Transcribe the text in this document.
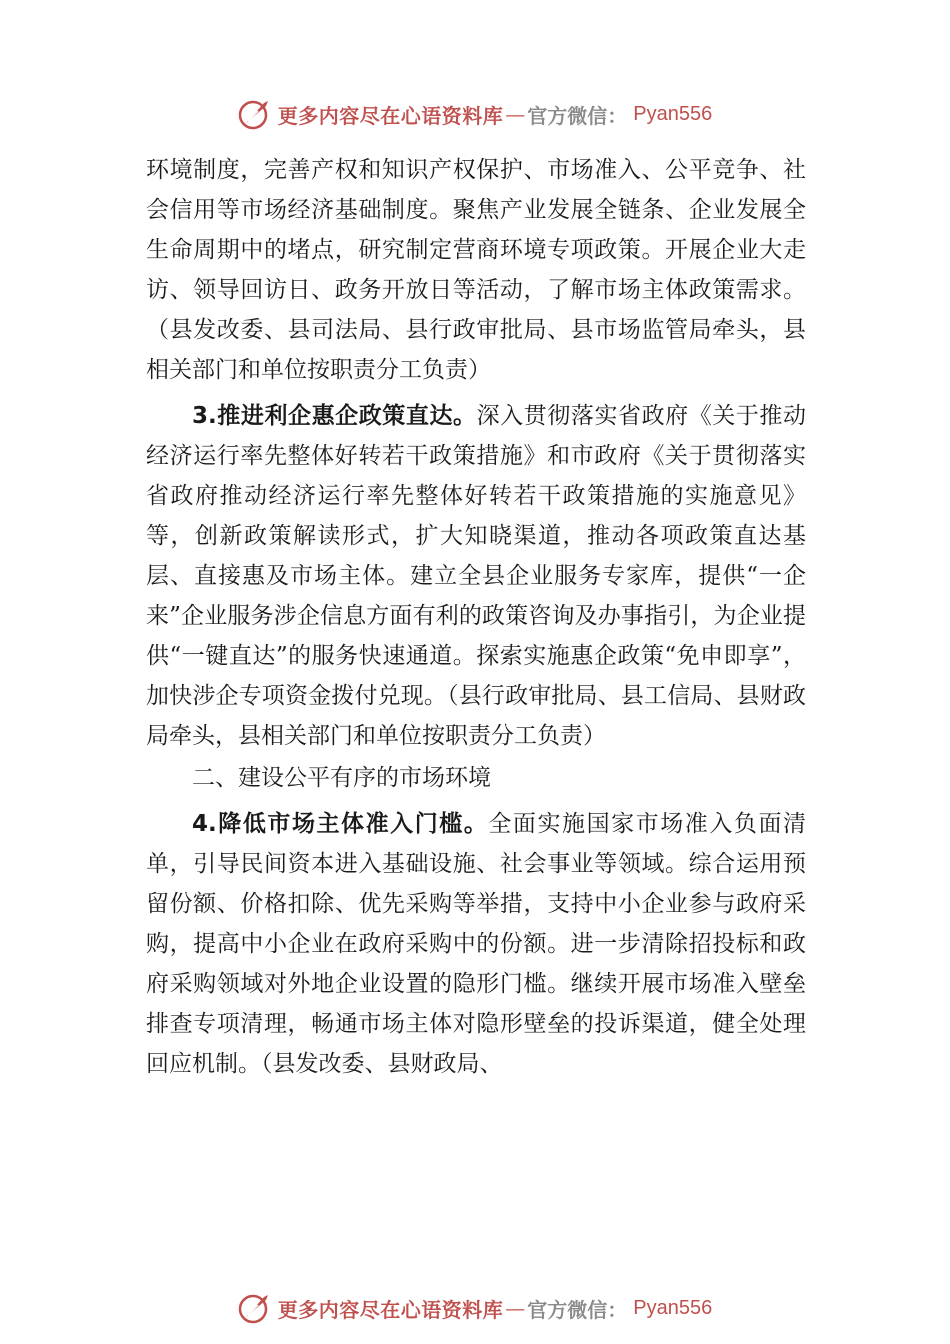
更多内容尽在心语资料库 — 官方微信： Pyan556

环境制度，完善产权和知识产权保护、市场准入、公平竞争、社会信用等市场经济基础制度。聚焦产业发展全链条、企业发展全生命周期中的堵点，研究制定营商环境专项政策。开展企业大走访、领导回访日、政务开放日等活动，了解市场主体政策需求。（县发改委、县司法局、县行政审批局、县市场监管局牵头，县相关部门和单位按职责分工负责）

3.推进利企惠企政策直达。深入贯彻落实省政府《关于推动经济运行率先整体好转若干政策措施》和市政府《关于贯彻落实省政府推动经济运行率先整体好转若干政策措施的实施意见》等，创新政策解读形式，扩大知晓渠道，推动各项政策直达基层、直接惠及市场主体。建立全县企业服务专家库，提供“一企来”企业服务涉企信息方面有利的政策咨询及办事指引，为企业提供“一键直达”的服务快速通道。探索实施惠企政策“免申即享”，加快涉企专项资金拨付兑现。（县行政审批局、县工信局、县财政局牵头，县相关部门和单位按职责分工负责）

二、建设公平有序的市场环境

4.降低市场主体准入门槛。全面实施国家市场准入负面清单，引导民间资本进入基础设施、社会事业等领域。综合运用预留份额、价格扣除、优先采购等举措，支持中小企业参与政府采购，提高中小企业在政府采购中的份额。进一步清除招投标和政府采购领域对外地企业设置的隐形门槛。继续开展市场准入壁垒排查专项清理，畅通市场主体对隐形壁垒的投诉渠道，健全处理回应机制。（县发改委、县财政局、

更多内容尽在心语资料库 — 官方微信： Pyan556
